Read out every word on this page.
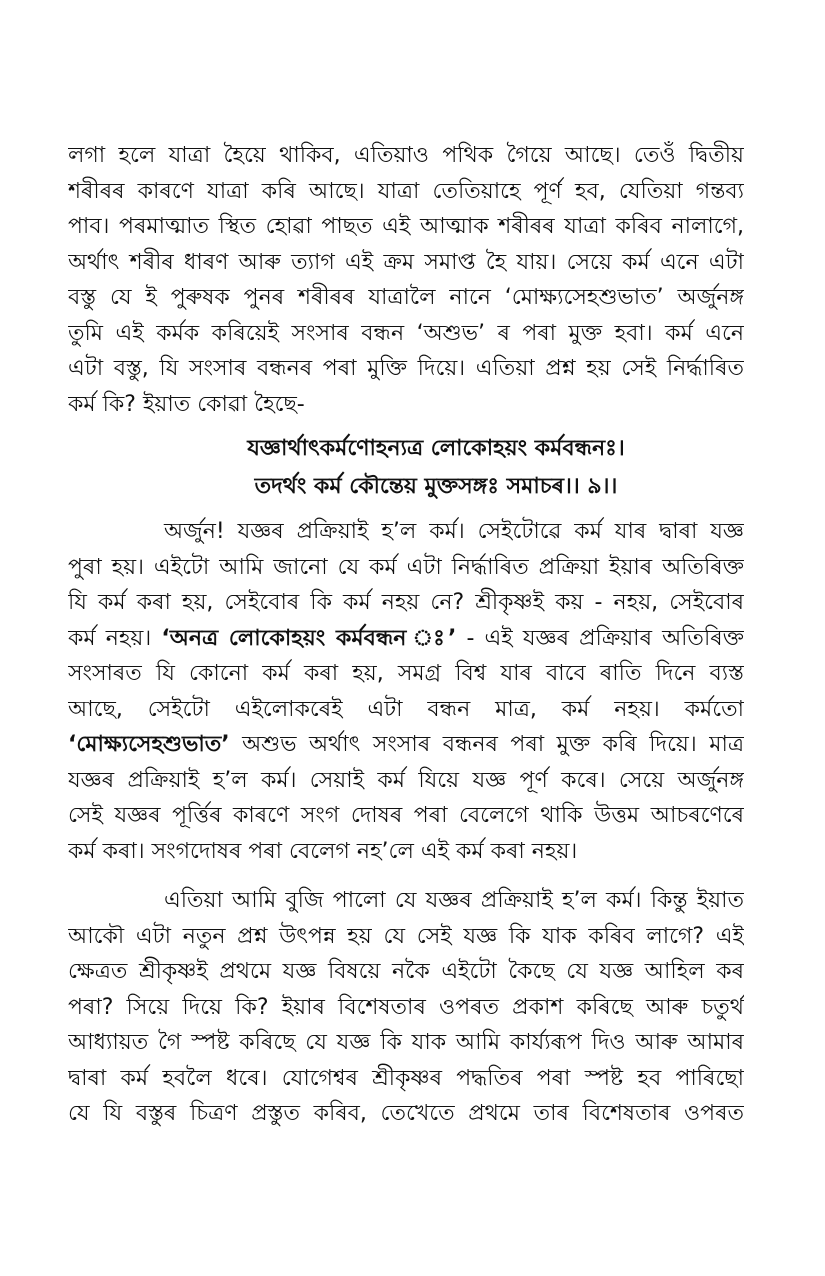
লগা হলে যাত্ৰা হৈয়ে থাকিব, এতিয়াও পথিক গৈয়ে আছে। তেওঁ দ্বিতীয়
শৰীৰৰ কাৰণে যাত্ৰা কৰি আছে। যাত্ৰা তেতিয়াহে পূৰ্ণ হব, যেতিয়া গন্তব্য
পাব। পৰমাত্মাত স্থিত হোৱা পাছত এই আত্মাক শৰীৰৰ যাত্ৰা কৰিব নালাগে,
অৰ্থাৎ শৰীৰ ধাৰণ আৰু ত্যাগ এই ক্ৰম সমাপ্ত হৈ যায়। সেয়ে কৰ্ম এনে এটা
বস্তু যে ই পুৰুষক পুনৰ শৰীৰৰ যাত্ৰালৈ নানে ‘মোক্ষ্যসেহশুভাত’ অৰ্জুনঙ্গ
তুমি এই কৰ্মক কৰিয়েই সংসাৰ বন্ধন ‘অশুভ’ ৰ পৰা মুক্ত হবা। কৰ্ম এনে
এটা বস্তু, যি সংসাৰ বন্ধনৰ পৰা মুক্তি দিয়ে। এতিয়া প্ৰশ্ন হয় সেই নিৰ্দ্ধাৰিত
কৰ্ম কি? ইয়াত কোৱা হৈছে-
যজ্ঞাৰ্থাৎকৰ্মণোহন্যত্ৰ লোকোহয়ং কৰ্মবন্ধনঃ।
তদৰ্থং কৰ্ম কৌন্তেয় মুক্তসঙ্গঃ সমাচৰ।। ৯।।
অৰ্জুন! যজ্ঞৰ প্ৰক্ৰিয়াই হ’ল কৰ্ম। সেইটোৱে কৰ্ম যাৰ দ্বাৰা যজ্ঞ
পুৰা হয়। এইটো আমি জানো যে কৰ্ম এটা নিৰ্দ্ধাৰিত প্ৰক্ৰিয়া ইয়াৰ অতিৰিক্ত
যি কৰ্ম কৰা হয়, সেইবোৰ কি কৰ্ম নহয় নে? শ্ৰীকৃষ্ণই কয় - নহয়, সেইবোৰ
কৰ্ম নহয়। ‘অনত্ৰ লোকোহয়ং কৰ্মবন্ধন ঃ’ - এই যজ্ঞৰ প্ৰক্ৰিয়াৰ অতিৰিক্ত
সংসাৰত যি কোনো কৰ্ম কৰা হয়, সমগ্ৰ বিশ্ব যাৰ বাবে ৰাতি দিনে ব্যস্ত
আছে, সেইটো এইলোকৰেই এটা বন্ধন মাত্ৰ, কৰ্ম নহয়। কৰ্মতো
‘মোক্ষ্যসেহশুভাত’ অশুভ অৰ্থাৎ সংসাৰ বন্ধনৰ পৰা মুক্ত কৰি দিয়ে। মাত্ৰ
যজ্ঞৰ প্ৰক্ৰিয়াই হ’ল কৰ্ম। সেয়াই কৰ্ম যিয়ে যজ্ঞ পূৰ্ণ কৰে। সেয়ে অৰ্জুনঙ্গ
সেই যজ্ঞৰ পূৰ্ত্তিৰ কাৰণে সংগ দোষৰ পৰা বেলেগে থাকি উত্তম আচৰণেৰে
কৰ্ম কৰা। সংগদোষৰ পৰা বেলেগ নহ’লে এই কৰ্ম কৰা নহয়।
এতিয়া আমি বুজি পালো যে যজ্ঞৰ প্ৰক্ৰিয়াই হ’ল কৰ্ম। কিন্তু ইয়াত
আকৌ এটা নতুন প্ৰশ্ন উৎপন্ন হয় যে সেই যজ্ঞ কি যাক কৰিব লাগে? এই
ক্ষেত্ৰত শ্ৰীকৃষ্ণই প্ৰথমে যজ্ঞ বিষয়ে নকৈ এইটো কৈছে যে যজ্ঞ আহিল কৰ
পৰা? সিয়ে দিয়ে কি? ইয়াৰ বিশেষতাৰ ওপৰত প্ৰকাশ কৰিছে আৰু চতুৰ্থ
আধ্যায়ত গৈ স্পষ্ট কৰিছে যে যজ্ঞ কি যাক আমি কাৰ্য্যৰূপ দিও আৰু আমাৰ
দ্বাৰা কৰ্ম হবলৈ ধৰে। যোগেশ্বৰ শ্ৰীকৃষ্ণৰ পদ্ধতিৰ পৰা স্পষ্ট হব পাৰিছো
যে যি বস্তুৰ চিত্ৰণ প্ৰস্তুত কৰিব, তেখেতে প্ৰথমে তাৰ বিশেষতাৰ ওপৰত
